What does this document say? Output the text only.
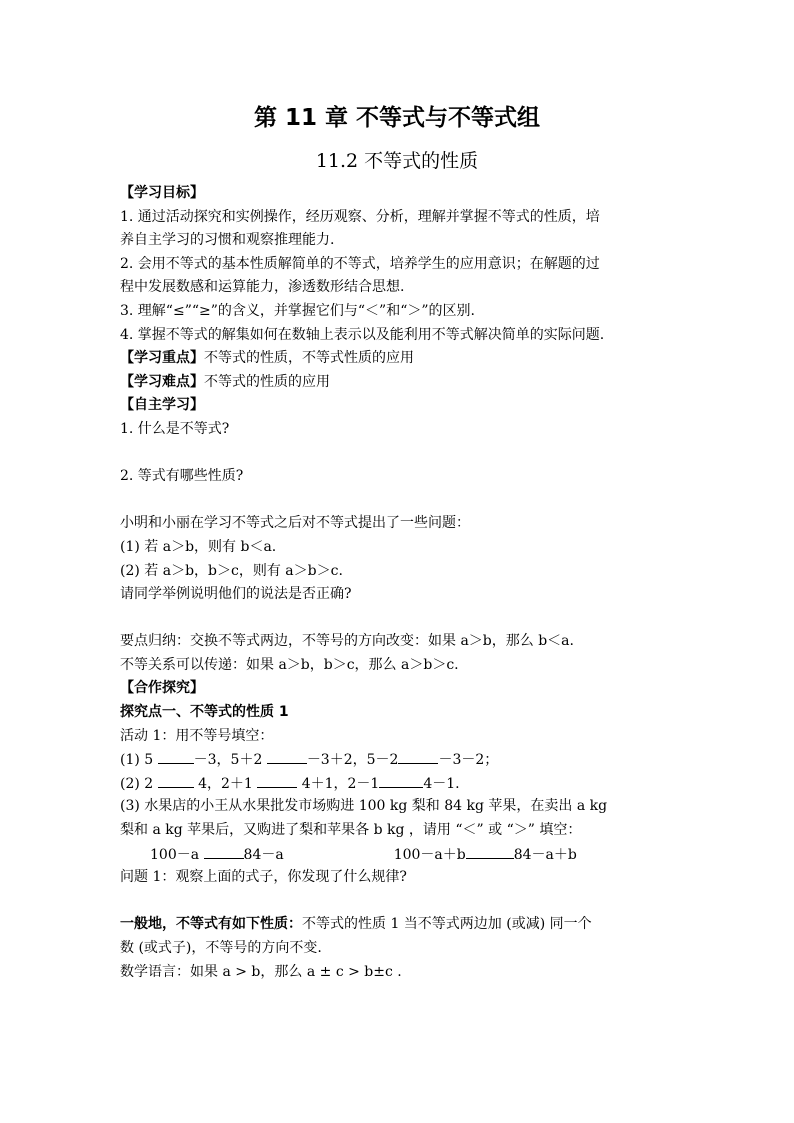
第 11 章 不等式与不等式组
11.2 不等式的性质
【学习目标】
1. 通过活动探究和实例操作，经历观察、分析，理解并掌握不等式的性质，培
养自主学习的习惯和观察推理能力.
2. 会用不等式的基本性质解简单的不等式，培养学生的应用意识；在解题的过
程中发展数感和运算能力，渗透数形结合思想.
3. 理解“≤”“≥”的含义，并掌握它们与“＜”和“＞”的区别.
4. 掌握不等式的解集如何在数轴上表示以及能利用不等式解决简单的实际问题.
【学习重点】不等式的性质，不等式性质的应用
【学习难点】不等式的性质的应用
【自主学习】
1. 什么是不等式?
2. 等式有哪些性质?
小明和小丽在学习不等式之后对不等式提出了一些问题：
(1) 若 a＞b，则有 b＜a.
(2) 若 a＞b，b＞c，则有 a＞b＞c.
请同学举例说明他们的说法是否正确?
要点归纳：交换不等式两边，不等号的方向改变：如果 a＞b，那么 b＜a.
不等关系可以传递：如果 a＞b，b＞c，那么 a＞b＞c.
【合作探究】
探究点一、不等式的性质 1
活动 1：用不等号填空：
(1) 5	－3，5＋2	－3＋2，5－2	－3－2；
(2) 2	4，2＋1	4＋1，2－1	4－1.
(3) 水果店的小王从水果批发市场购进 100 kg 梨和 84 kg 苹果，在卖出 a kg
梨和 a kg 苹果后，又购进了梨和苹果各 b kg ，请用 “＜” 或 “＞” 填空：
100－a	84－a	100－a＋b	84－a＋b
问题 1：观察上面的式子，你发现了什么规律?
一般地，不等式有如下性质：不等式的性质 1 当不等式两边加 (或减) 同一个
数 (或式子)，不等号的方向不变.
数学语言：如果 a > b，那么 a ± c > b±c .
